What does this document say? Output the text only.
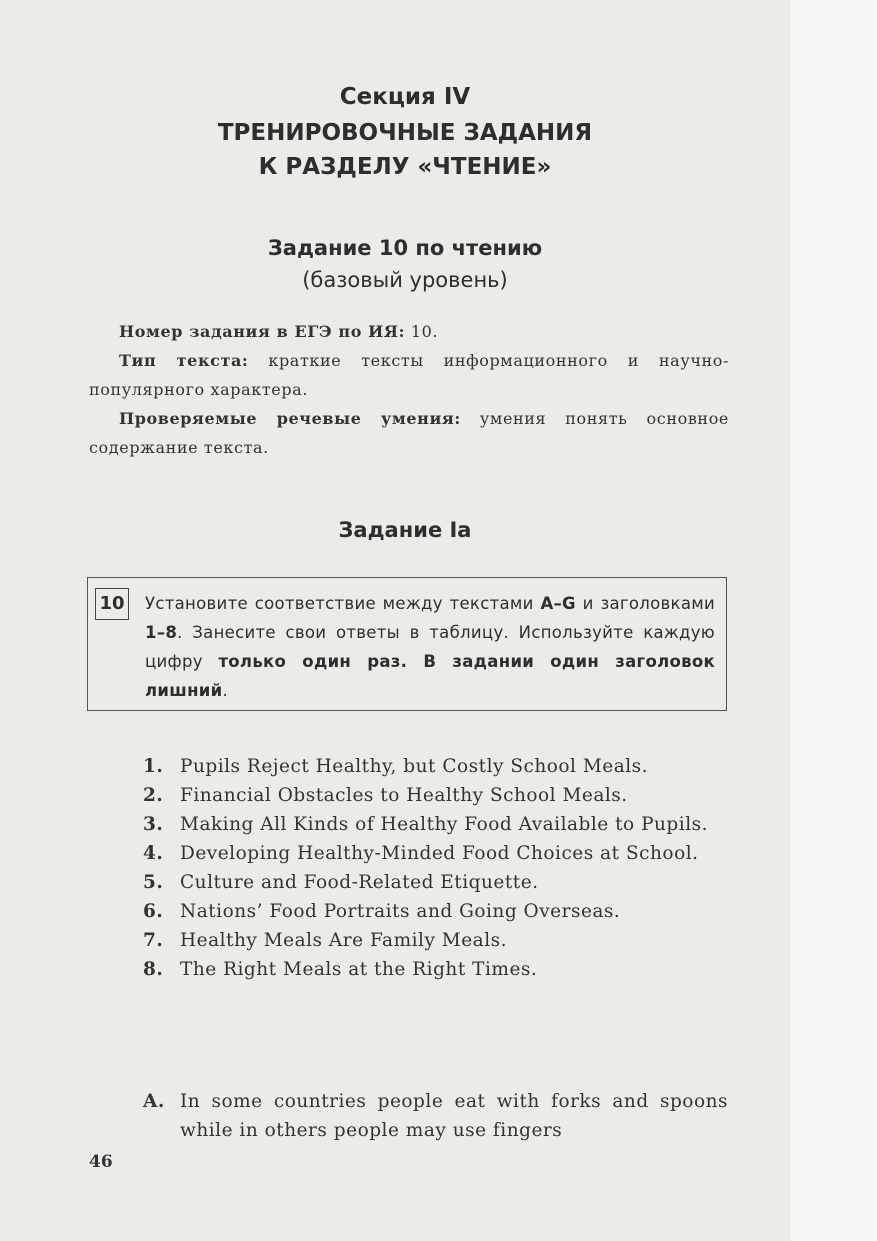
Секция IV
ТРЕНИРОВОЧНЫЕ ЗАДАНИЯ
К РАЗДЕЛУ «ЧТЕНИЕ»
Задание 10 по чтению
(базовый уровень)
Номер задания в ЕГЭ по ИЯ: 10.
Тип текста: краткие тексты информационного и научно-популярного характера.
Проверяемые речевые умения: умения понять основное содержание текста.
Задание Ia
10 Установите соответствие между текстами A–G и заголовками 1–8. Занесите свои ответы в таблицу. Используйте каждую цифру только один раз. В задании один заголовок лишний.
1. Pupils Reject Healthy, but Costly School Meals.
2. Financial Obstacles to Healthy School Meals.
3. Making All Kinds of Healthy Food Available to Pupils.
4. Developing Healthy-Minded Food Choices at School.
5. Culture and Food-Related Etiquette.
6. Nations’ Food Portraits and Going Overseas.
7. Healthy Meals Are Family Meals.
8. The Right Meals at the Right Times.
A. In some countries people eat with forks and spoons while in others people may use fingers
46
